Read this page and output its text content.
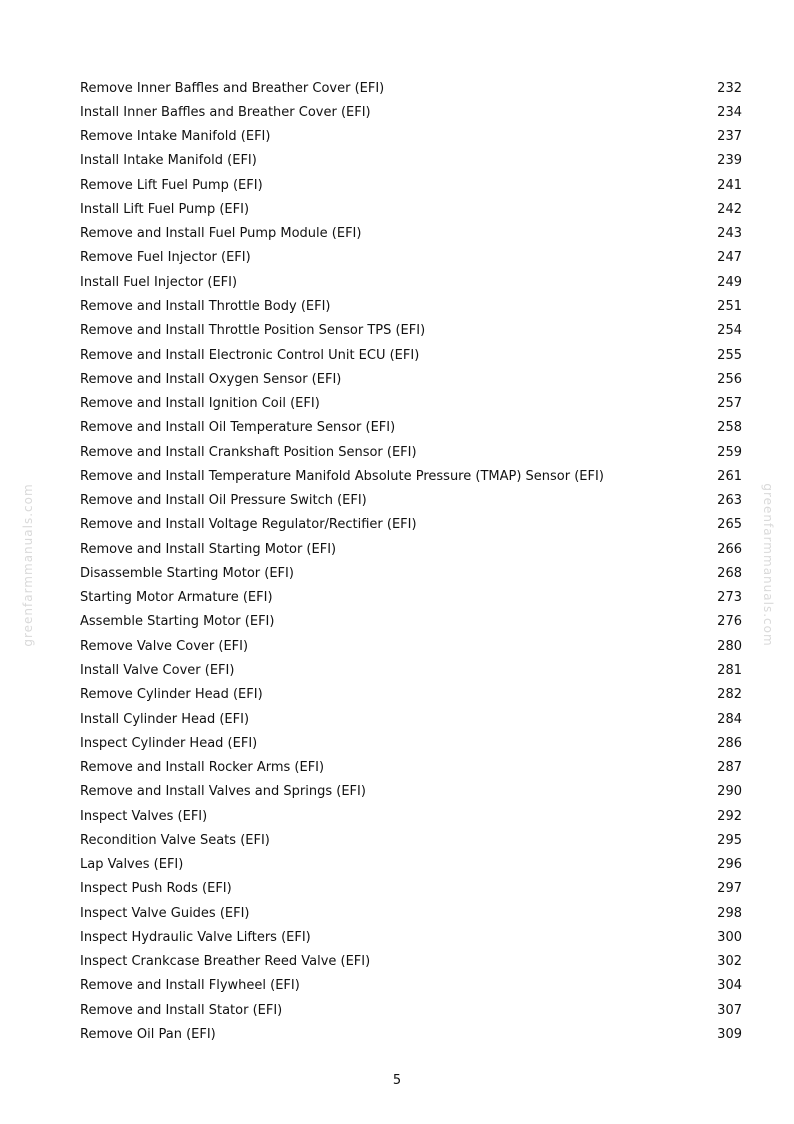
greenfarmmanuals.com	greenfarmmanuals.com
Remove Inner Baffles and Breather Cover (EFI)	232
Install Inner Baffles and Breather Cover (EFI)	234
Remove Intake Manifold (EFI)	237
Install Intake Manifold (EFI)	239
Remove Lift Fuel Pump (EFI)	241
Install Lift Fuel Pump (EFI)	242
Remove and Install Fuel Pump Module (EFI)	243
Remove Fuel Injector (EFI)	247
Install Fuel Injector (EFI)	249
Remove and Install Throttle Body (EFI)	251
Remove and Install Throttle Position Sensor TPS (EFI)	254
Remove and Install Electronic Control Unit ECU (EFI)	255
Remove and Install Oxygen Sensor (EFI)	256
Remove and Install Ignition Coil (EFI)	257
Remove and Install Oil Temperature Sensor (EFI)	258
Remove and Install Crankshaft Position Sensor (EFI)	259
Remove and Install Temperature Manifold Absolute Pressure (TMAP) Sensor (EFI)	261
Remove and Install Oil Pressure Switch (EFI)	263
Remove and Install Voltage Regulator/Rectifier (EFI)	265
Remove and Install Starting Motor (EFI)	266
Disassemble Starting Motor (EFI)	268
Starting Motor Armature (EFI)	273
Assemble Starting Motor (EFI)	276
Remove Valve Cover (EFI)	280
Install Valve Cover (EFI)	281
Remove Cylinder Head (EFI)	282
Install Cylinder Head (EFI)	284
Inspect Cylinder Head (EFI)	286
Remove and Install Rocker Arms (EFI)	287
Remove and Install Valves and Springs (EFI)	290
Inspect Valves (EFI)	292
Recondition Valve Seats (EFI)	295
Lap Valves (EFI)	296
Inspect Push Rods (EFI)	297
Inspect Valve Guides (EFI)	298
Inspect Hydraulic Valve Lifters (EFI)	300
Inspect Crankcase Breather Reed Valve (EFI)	302
Remove and Install Flywheel (EFI)	304
Remove and Install Stator (EFI)	307
Remove Oil Pan (EFI)	309
5
